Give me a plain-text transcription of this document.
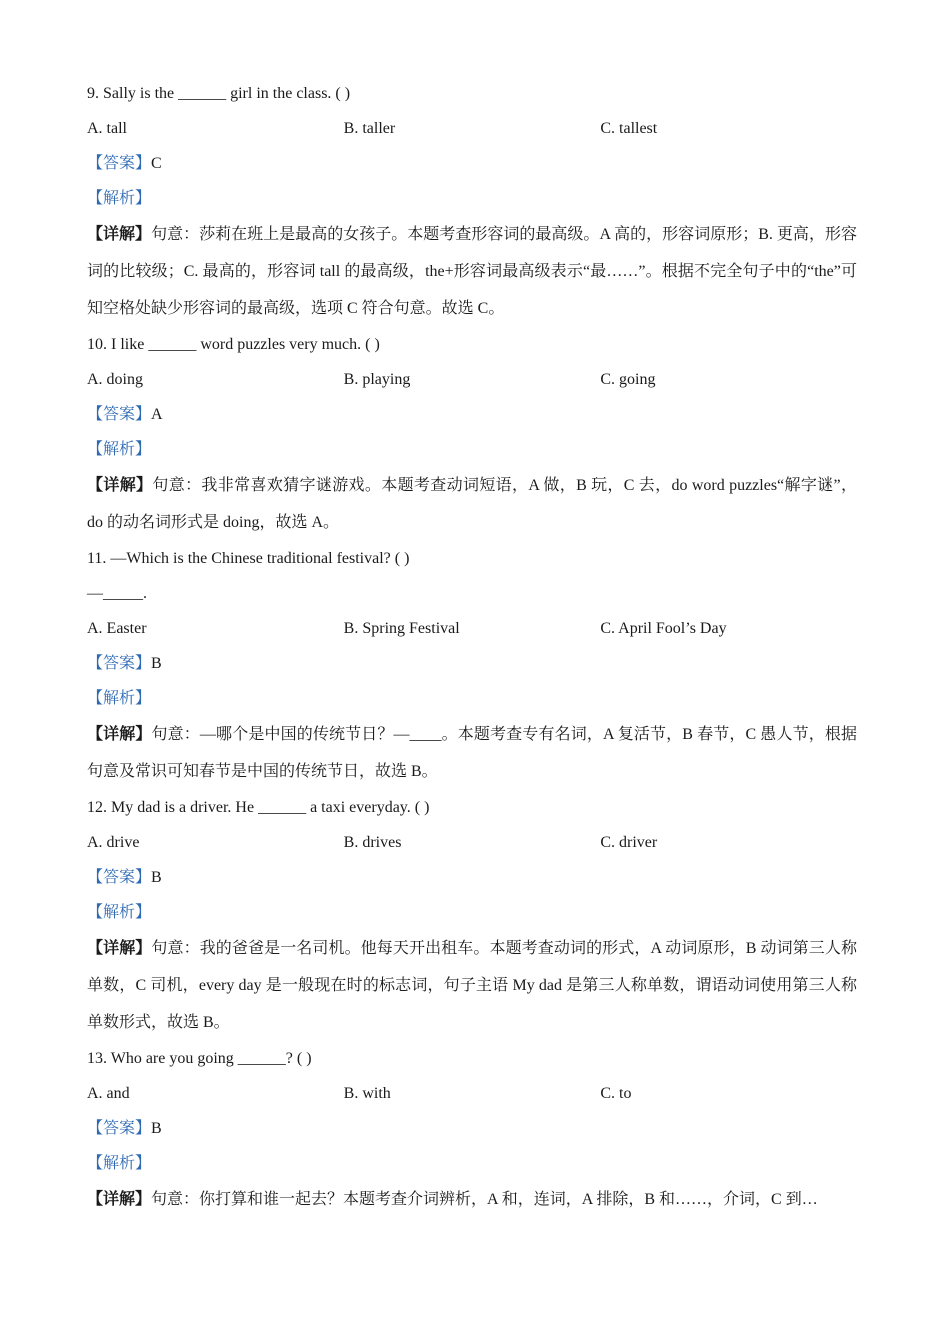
9. Sally is the ______ girl in the class. ( )
A. tall	B. taller	C. tallest
【答案】C
【解析】
【详解】句意：莎莉在班上是最高的女孩子。本题考查形容词的最高级。A 高的，形容词原形；B. 更高，形容词的比较级；C. 最高的，形容词 tall 的最高级，the+形容词最高级表示“最……”。根据不完全句子中的“the”可知空格处缺少形容词的最高级，选项 C 符合句意。故选 C。
10. I like ______ word puzzles very much. ( )
A. doing	B. playing	C. going
【答案】A
【解析】
【详解】句意：我非常喜欢猜字谜游戏。本题考查动词短语，A 做，B 玩，C 去，do word puzzles“解字谜”，do 的动名词形式是 doing，故选 A。
11. —Which is the Chinese traditional festival? ( )
—_____.
A. Easter	B. Spring Festival	C. April Fool’s Day
【答案】B
【解析】
【详解】句意：—哪个是中国的传统节日？—____。本题考查专有名词，A 复活节，B 春节，C 愚人节，根据句意及常识可知春节是中国的传统节日，故选 B。
12. My dad is a driver. He ______ a taxi everyday. ( )
A. drive	B. drives	C. driver
【答案】B
【解析】
【详解】句意：我的爸爸是一名司机。他每天开出租车。本题考查动词的形式，A 动词原形，B 动词第三人称单数，C 司机，every day 是一般现在时的标志词，句子主语 My dad 是第三人称单数，谓语动词使用第三人称单数形式，故选 B。
13. Who are you going ______? ( )
A. and	B. with	C. to
【答案】B
【解析】
【详解】句意：你打算和谁一起去？本题考查介词辨析，A 和，连词，A 排除，B 和……，介词，C 到…
